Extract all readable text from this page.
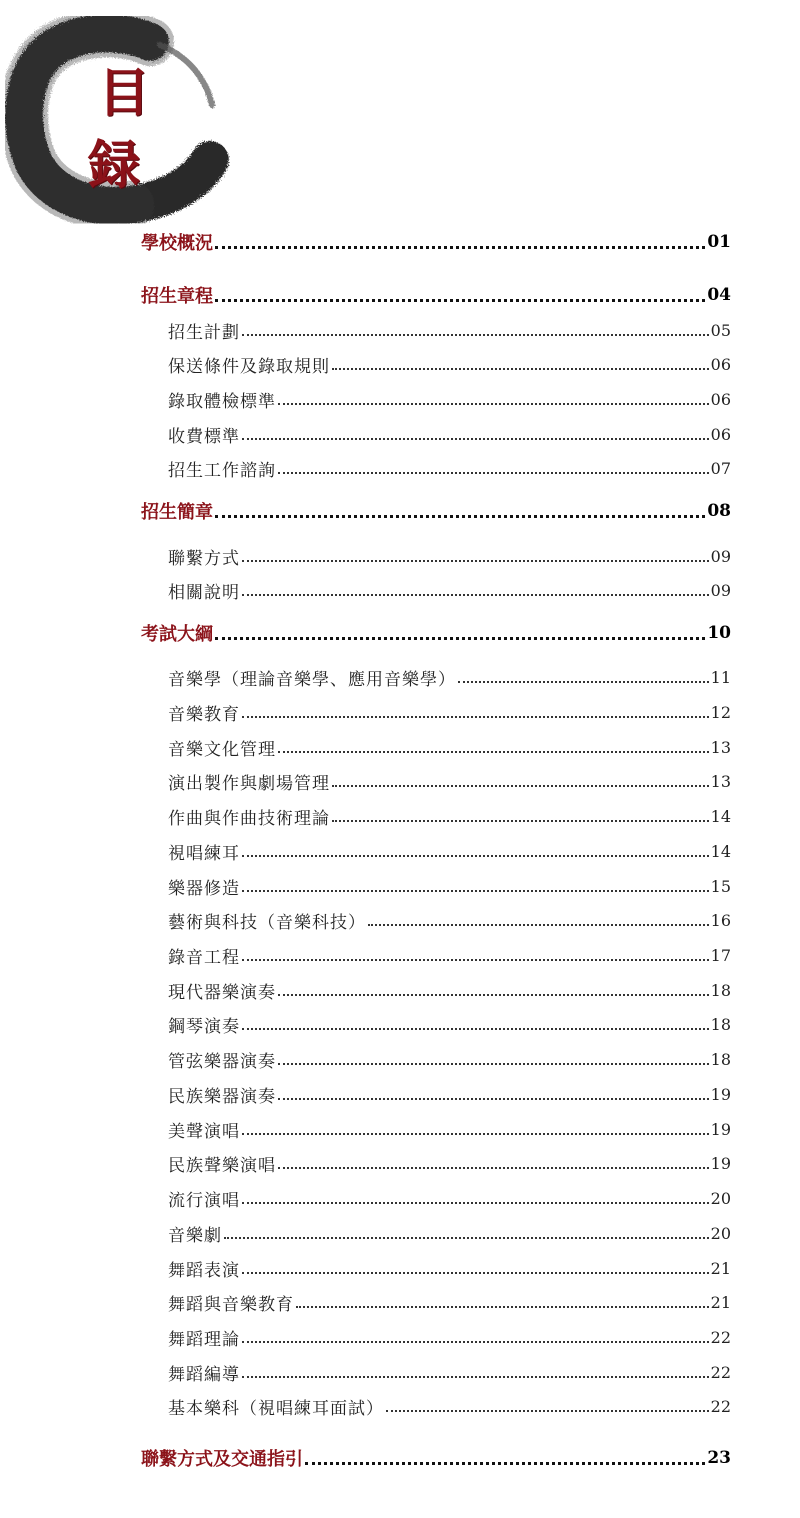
目
録
學校概況	01
招生章程	04
招生計劃	05
保送條件及錄取規則	06
錄取體檢標準	06
收費標準	06
招生工作諮詢	07
招生簡章	08
聯繫方式	09
相關說明	09
考試大綱	10
音樂學（理論音樂學、應用音樂學）	11
音樂教育	12
音樂文化管理	13
演出製作與劇場管理	13
作曲與作曲技術理論	14
視唱練耳	14
樂器修造	15
藝術與科技（音樂科技）	16
錄音工程	17
現代器樂演奏	18
鋼琴演奏	18
管弦樂器演奏	18
民族樂器演奏	19
美聲演唱	19
民族聲樂演唱	19
流行演唱	20
音樂劇	20
舞蹈表演	21
舞蹈與音樂教育	21
舞蹈理論	22
舞蹈編導	22
基本樂科（視唱練耳面試）	22
聯繫方式及交通指引	23
